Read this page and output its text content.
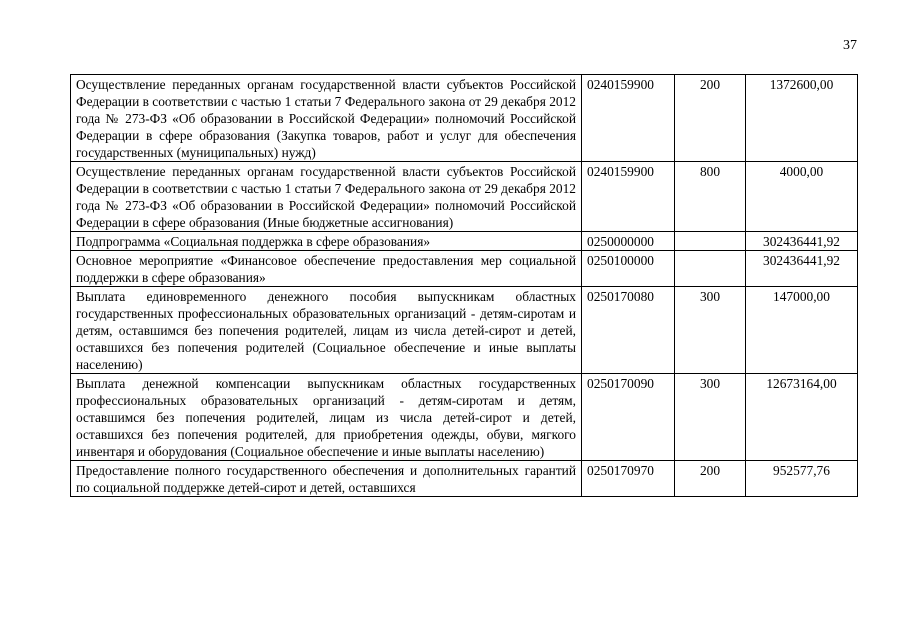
37
Осуществление переданных органам государственной власти субъектов Российской Федерации в соответствии с частью 1 статьи 7 Федерального закона от 29 декабря 2012 года № 273-ФЗ «Об образовании в Российской Федерации» полномочий Российской Федерации в сфере образования (Закупка товаров, работ и услуг для обеспечения государственных (муниципальных) нужд)	0240159900	200	1372600,00
Осуществление переданных органам государственной власти субъектов Российской Федерации в соответствии с частью 1 статьи 7 Федерального закона от 29 декабря 2012 года № 273-ФЗ «Об образовании в Российской Федерации» полномочий Российской Федерации в сфере образования (Иные бюджетные ассигнования)	0240159900	800	4000,00
Подпрограмма «Социальная поддержка в сфере образования»	0250000000		302436441,92
Основное мероприятие «Финансовое обеспечение предоставления мер социальной поддержки в сфере образования»	0250100000		302436441,92
Выплата единовременного денежного пособия выпускникам областных государственных профессиональных образовательных организаций - детям-сиротам и детям, оставшимся без попечения родителей, лицам из числа детей-сирот и детей, оставшихся без попечения родителей (Социальное обеспечение и иные выплаты населению)	0250170080	300	147000,00
Выплата денежной компенсации выпускникам областных государственных профессиональных образовательных организаций - детям-сиротам и детям, оставшимся без попечения родителей, лицам из числа детей-сирот и детей, оставшихся без попечения родителей, для приобретения одежды, обуви, мягкого инвентаря и оборудования (Социальное обеспечение и иные выплаты населению)	0250170090	300	12673164,00
Предоставление полного государственного обеспечения и дополнительных гарантий по социальной поддержке детей-сирот и детей, оставшихся	0250170970	200	952577,76
